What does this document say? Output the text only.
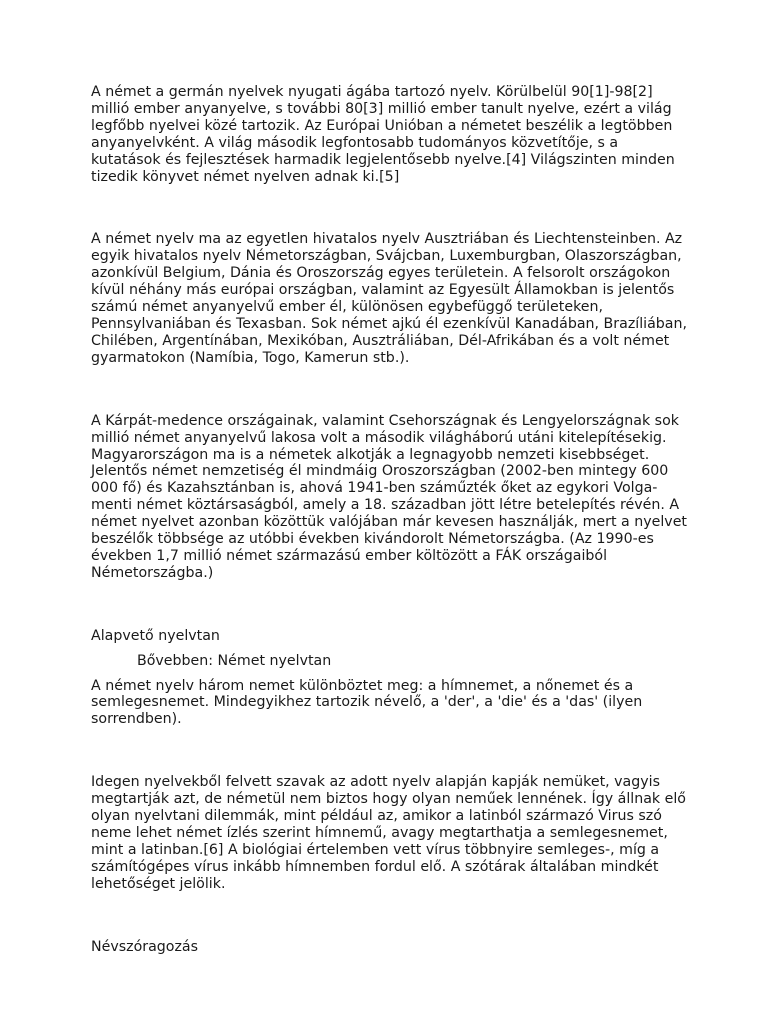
A német a germán nyelvek nyugati ágába tartozó nyelv. Körülbelül 90[1]-98[2] millió ember anyanyelve, s további 80[3] millió ember tanult nyelve, ezért a világ legfőbb nyelvei közé tartozik. Az Európai Unióban a németet beszélik a legtöbben anyanyelvként. A világ második legfontosabb tudományos közvetítője, s a kutatások és fejlesztések harmadik legjelentősebb nyelve.[4] Világszinten minden tizedik könyvet német nyelven adnak ki.[5]

A német nyelv ma az egyetlen hivatalos nyelv Ausztriában és Liechtensteinben. Az egyik hivatalos nyelv Németországban, Svájcban, Luxemburgban, Olaszországban, azonkívül Belgium, Dánia és Oroszország egyes területein. A felsorolt országokon kívül néhány más európai országban, valamint az Egyesült Államokban is jelentős számú német anyanyelvű ember él, különösen egybefüggő területeken, Pennsylvaniában és Texasban. Sok német ajkú él ezenkívül Kanadában, Brazíliában, Chilében, Argentínában, Mexikóban, Ausztráliában, Dél-Afrikában és a volt német gyarmatokon (Namíbia, Togo, Kamerun stb.).

A Kárpát-medence országainak, valamint Csehországnak és Lengyelországnak sok millió német anyanyelvű lakosa volt a második világháború utáni kitelepítésekig. Magyarországon ma is a németek alkotják a legnagyobb nemzeti kisebbséget. Jelentős német nemzetiség él mindmáig Oroszországban (2002-ben mintegy 600 000 fő) és Kazahsztánban is, ahová 1941-ben száműzték őket az egykori Volga-menti német köztársaságból, amely a 18. században jött létre betelepítés révén. A német nyelvet azonban közöttük valójában már kevesen használják, mert a nyelvet beszélők többsége az utóbbi években kivándorolt Németországba. (Az 1990-es években 1,7 millió német származású ember költözött a FÁK országaiból Németországba.)

Alapvető nyelvtan

Bővebben: Német nyelvtan

A német nyelv három nemet különböztet meg: a hímnemet, a nőnemet és a semlegesnemet. Mindegyikhez tartozik névelő, a 'der', a 'die' és a 'das' (ilyen sorrendben).

Idegen nyelvekből felvett szavak az adott nyelv alapján kapják nemüket, vagyis megtartják azt, de németül nem biztos hogy olyan neműek lennének. Így állnak elő olyan nyelvtani dilemmák, mint például az, amikor a latinból származó Virus szó neme lehet német ízlés szerint hímnemű, avagy megtarthatja a semlegesnemet, mint a latinban.[6] A biológiai értelemben vett vírus többnyire semleges-, míg a számítógépes vírus inkább hímnemben fordul elő. A szótárak általában mindkét lehetőséget jelölik.

Névszóragozás
